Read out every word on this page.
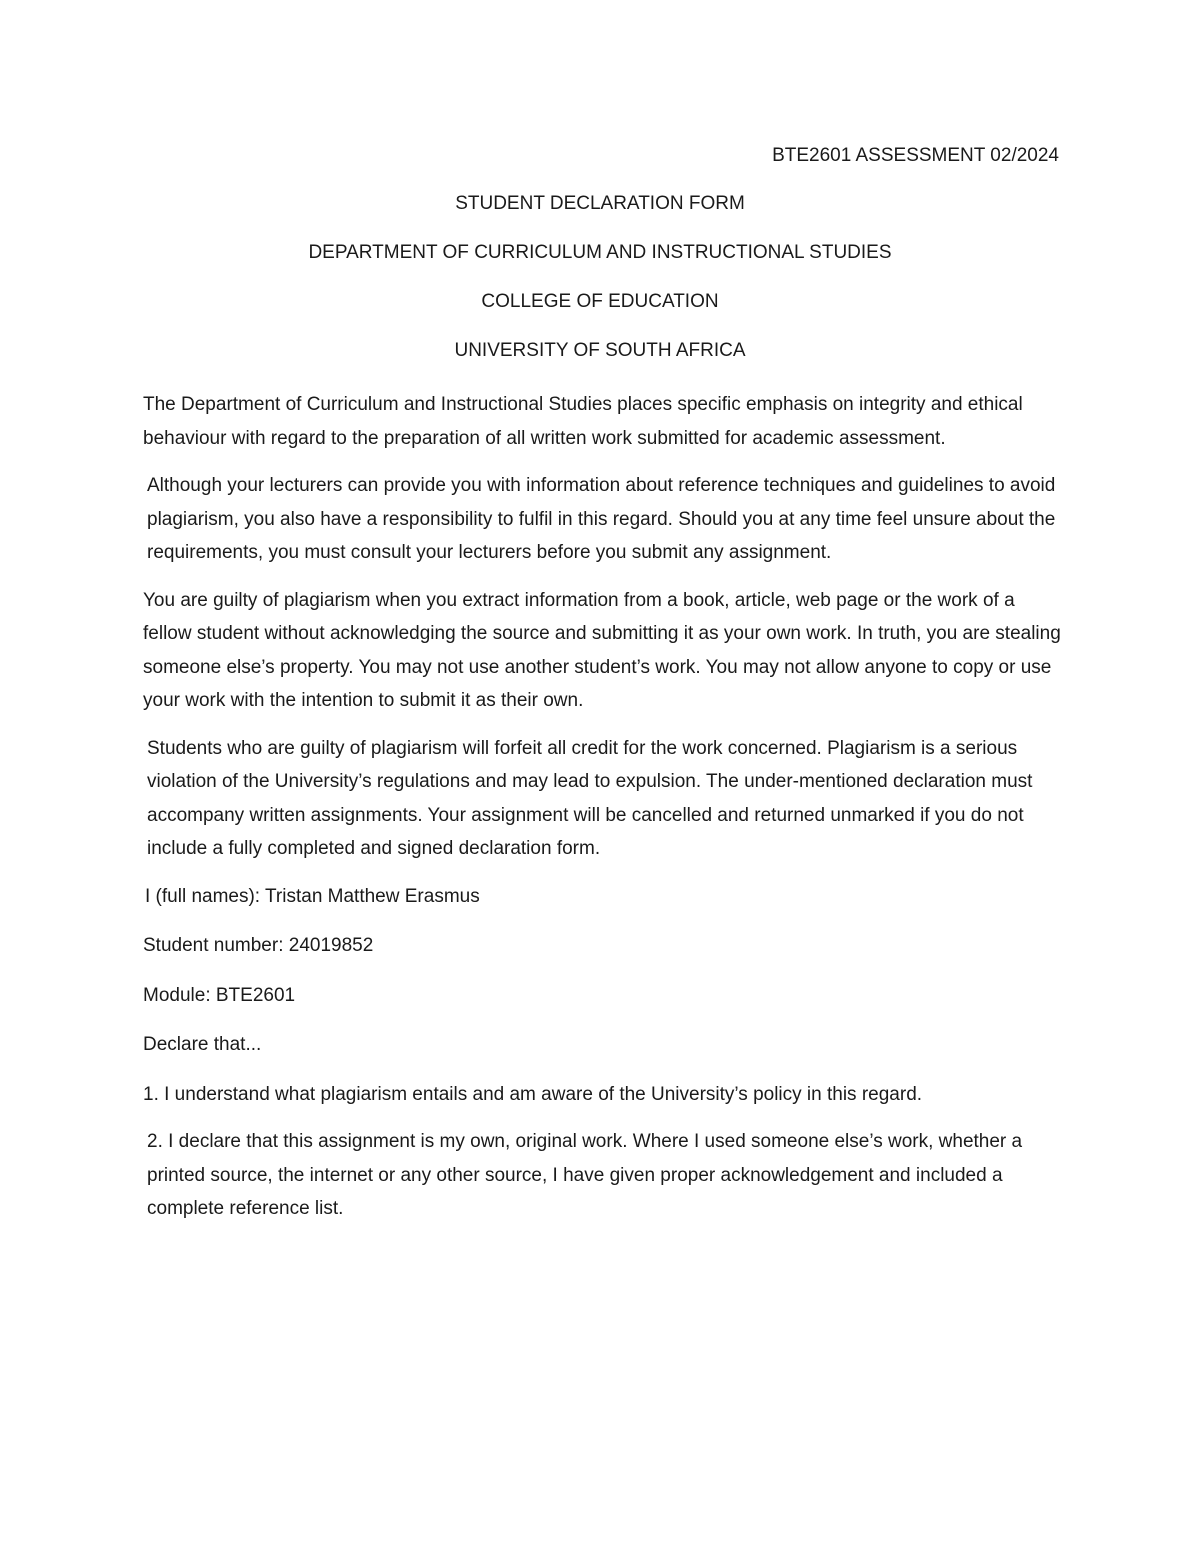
BTE2601 ASSESSMENT 02/2024
STUDENT DECLARATION FORM
DEPARTMENT OF CURRICULUM AND INSTRUCTIONAL STUDIES
COLLEGE OF EDUCATION
UNIVERSITY OF SOUTH AFRICA

The Department of Curriculum and Instructional Studies places specific emphasis on integrity and ethical behaviour with regard to the preparation of all written work submitted for academic assessment.

Although your lecturers can provide you with information about reference techniques and guidelines to avoid plagiarism, you also have a responsibility to fulfil in this regard. Should you at any time feel unsure about the requirements, you must consult your lecturers before you submit any assignment.

You are guilty of plagiarism when you extract information from a book, article, web page or the work of a fellow student without acknowledging the source and submitting it as your own work. In truth, you are stealing someone else’s property. You may not use another student’s work. You may not allow anyone to copy or use your work with the intention to submit it as their own.

Students who are guilty of plagiarism will forfeit all credit for the work concerned. Plagiarism is a serious violation of the University’s regulations and may lead to expulsion. The under-mentioned declaration must accompany written assignments. Your assignment will be cancelled and returned unmarked if you do not include a fully completed and signed declaration form.

I (full names): Tristan Matthew Erasmus
Student number: 24019852
Module: BTE2601
Declare that...

1. I understand what plagiarism entails and am aware of the University’s policy in this regard.

2. I declare that this assignment is my own, original work. Where I used someone else’s work, whether a printed source, the internet or any other source, I have given proper acknowledgement and included a complete reference list.
